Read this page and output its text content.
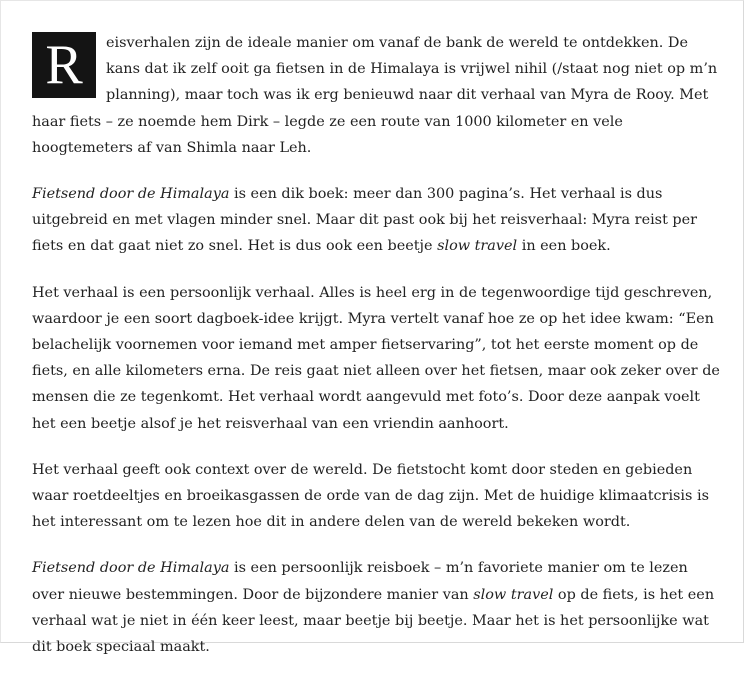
R	eisverhalen zijn de ideale manier om vanaf de bank de wereld te ontdekken. De kans dat ik zelf ooit ga fietsen in de Himalaya is vrijwel nihil (/staat nog niet op m’n planning), maar toch was ik erg benieuwd naar dit verhaal van Myra de Rooy. Met haar fiets – ze noemde hem Dirk – legde ze een route van 1000 kilometer en vele hoogtemeters af van Shimla naar Leh.

Fietsend door de Himalaya is een dik boek: meer dan 300 pagina’s. Het verhaal is dus uitgebreid en met vlagen minder snel. Maar dit past ook bij het reisverhaal: Myra reist per fiets en dat gaat niet zo snel. Het is dus ook een beetje slow travel in een boek.

Het verhaal is een persoonlijk verhaal. Alles is heel erg in de tegenwoordige tijd geschreven, waardoor je een soort dagboek-idee krijgt. Myra vertelt vanaf hoe ze op het idee kwam: “Een belachelijk voornemen voor iemand met amper fietservaring”, tot het eerste moment op de fiets, en alle kilometers erna. De reis gaat niet alleen over het fietsen, maar ook zeker over de mensen die ze tegenkomt. Het verhaal wordt aangevuld met foto’s. Door deze aanpak voelt het een beetje alsof je het reisverhaal van een vriendin aanhoort.

Het verhaal geeft ook context over de wereld. De fietstocht komt door steden en gebieden waar roetdeeltjes en broeikasgassen de orde van de dag zijn. Met de huidige klimaatcrisis is het interessant om te lezen hoe dit in andere delen van de wereld bekeken wordt.

Fietsend door de Himalaya is een persoonlijk reisboek – m’n favoriete manier om te lezen over nieuwe bestemmingen. Door de bijzondere manier van slow travel op de fiets, is het een verhaal wat je niet in één keer leest, maar beetje bij beetje. Maar het is het persoonlijke wat dit boek speciaal maakt.
